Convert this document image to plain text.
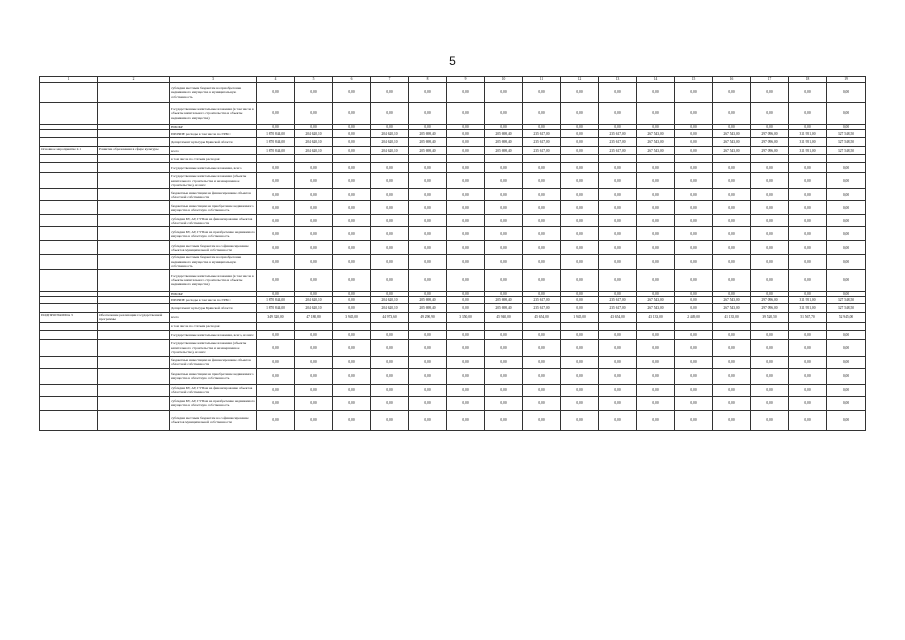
5
1	2	3	4	5	6	7	8	9	10	11	12	13	14	15	16	17	18	19
		субсидии местным бюджетам на приобретение недвижимого имущества в муниципальную собственность	0,00	0,00	0,00	0,00	0,00	0,00	0,00	0,00	0,00	0,00	0,00	0,00	0,00	0,00	0,00	0,00
		Государственные капитальные вложения (в том числе в объекты капитального строительства и объекты недвижимого имущества)	0,00	0,00	0,00	0,00	0,00	0,00	0,00	0,00	0,00	0,00	0,00	0,00	0,00	0,00	0,00	0,00
		НИОКР	0,00	0,00	0,00	0,00	0,00	0,00	0,00	0,00	0,00	0,00	0,00	0,00	0,00	0,00	0,00	0,00
		ПРОЧИЕ расходы в том числе по ГРБС:	1 870 844,00	204 620,10	0,00	204 620,10	205 698,40	0,00	205 698,40	235 617,00	0,00	235 617,00	267 543,00	0,00	267 543,00	297 096,00	311 951,00	327 548,50
		Департамент культуры Брянской области	1 870 844,00	204 620,10	0,00	204 620,10	205 698,40	0,00	205 698,40	235 617,00	0,00	235 617,00	267 543,00	0,00	267 543,00	297 096,00	311 951,00	327 548,50
Основное мероприятие 2.1	Развитие образования в сфере культуры	всего	1 870 844,00	204 620,10	0,00	204 620,10	205 698,40	0,00	205 698,40	235 617,00	0,00	235 617,00	267 543,00	0,00	267 543,00	297 096,00	311 951,00	327 548,50
		в том числе по статьям расходов:																
		Государственные капитальные вложения, всего	0,00	0,00	0,00	0,00	0,00	0,00	0,00	0,00	0,00	0,00	0,00	0,00	0,00	0,00	0,00	0,00
		Государственные капитальные вложения (объекты капитального строительства и незавершенное строительство), из них:	0,00	0,00	0,00	0,00	0,00	0,00	0,00	0,00	0,00	0,00	0,00	0,00	0,00	0,00	0,00	0,00
		бюджетные инвестиции на финансирование объектов областной собственности	0,00	0,00	0,00	0,00	0,00	0,00	0,00	0,00	0,00	0,00	0,00	0,00	0,00	0,00	0,00	0,00
		бюджетные инвестиции на приобретение недвижимого имущества в областную собственность	0,00	0,00	0,00	0,00	0,00	0,00	0,00	0,00	0,00	0,00	0,00	0,00	0,00	0,00	0,00	0,00
		субсидии БУ, АУ, ГУПам на финансирование объектов областной собственности	0,00	0,00	0,00	0,00	0,00	0,00	0,00	0,00	0,00	0,00	0,00	0,00	0,00	0,00	0,00	0,00
		субсидии БУ, АУ, ГУПам на приобретение недвижимого имущества в областную собственность	0,00	0,00	0,00	0,00	0,00	0,00	0,00	0,00	0,00	0,00	0,00	0,00	0,00	0,00	0,00	0,00
		субсидии местным бюджетам на софинансирование объектов муниципальной собственности	0,00	0,00	0,00	0,00	0,00	0,00	0,00	0,00	0,00	0,00	0,00	0,00	0,00	0,00	0,00	0,00
		субсидии местным бюджетам на приобретение недвижимого имущества в муниципальную собственность	0,00	0,00	0,00	0,00	0,00	0,00	0,00	0,00	0,00	0,00	0,00	0,00	0,00	0,00	0,00	0,00
		Государственные капитальные вложения (в том числе в объекты капитального строительства и объекты недвижимого имущества)	0,00	0,00	0,00	0,00	0,00	0,00	0,00	0,00	0,00	0,00	0,00	0,00	0,00	0,00	0,00	0,00
		НИОКР	0,00	0,00	0,00	0,00	0,00	0,00	0,00	0,00	0,00	0,00	0,00	0,00	0,00	0,00	0,00	0,00
		ПРОЧИЕ расходы в том числе по ГРБС:	1 870 844,00	204 620,10	0,00	204 620,10	205 698,40	0,00	205 698,40	235 617,00	0,00	235 617,00	267 543,00	0,00	267 543,00	297 096,00	311 951,00	327 548,50
		Департамент культуры Брянской области	1 870 844,00	204 620,10	0,00	204 620,10	205 698,40	0,00	205 698,40	235 617,00	0,00	235 617,00	267 543,00	0,00	267 543,00	297 096,00	311 951,00	327 548,50
ПОДПРОГРАММА 3	Обеспечение реализации государственной программы	всего	349 320,00	47 180,80	3 945,00	44 973,60	49 290,90	3 350,00	45 940,00	45 654,00	1 945,00	43 654,00	43 133,00	2 449,00	41 135,00	39 520,50	51 567,70	52 945,00
		в том числе по статьям расходов:																
		Государственные капитальные вложения, всего, из них:	0,00	0,00	0,00	0,00	0,00	0,00	0,00	0,00	0,00	0,00	0,00	0,00	0,00	0,00	0,00	0,00
		Государственные капитальные вложения (объекты капитального строительства и незавершенное строительство), из них:	0,00	0,00	0,00	0,00	0,00	0,00	0,00	0,00	0,00	0,00	0,00	0,00	0,00	0,00	0,00	0,00
		бюджетные инвестиции на финансирование объектов областной собственности	0,00	0,00	0,00	0,00	0,00	0,00	0,00	0,00	0,00	0,00	0,00	0,00	0,00	0,00	0,00	0,00
		бюджетные инвестиции на приобретение недвижимого имущества в областную собственность	0,00	0,00	0,00	0,00	0,00	0,00	0,00	0,00	0,00	0,00	0,00	0,00	0,00	0,00	0,00	0,00
		субсидии БУ, АУ, ГУПам на финансирование объектов областной собственности	0,00	0,00	0,00	0,00	0,00	0,00	0,00	0,00	0,00	0,00	0,00	0,00	0,00	0,00	0,00	0,00
		субсидии БУ, АУ, ГУПам на приобретение недвижимого имущества в областную собственность	0,00	0,00	0,00	0,00	0,00	0,00	0,00	0,00	0,00	0,00	0,00	0,00	0,00	0,00	0,00	0,00
		субсидии местным бюджетам на софинансирование объектов муниципальной собственности	0,00	0,00	0,00	0,00	0,00	0,00	0,00	0,00	0,00	0,00	0,00	0,00	0,00	0,00	0,00	0,00
